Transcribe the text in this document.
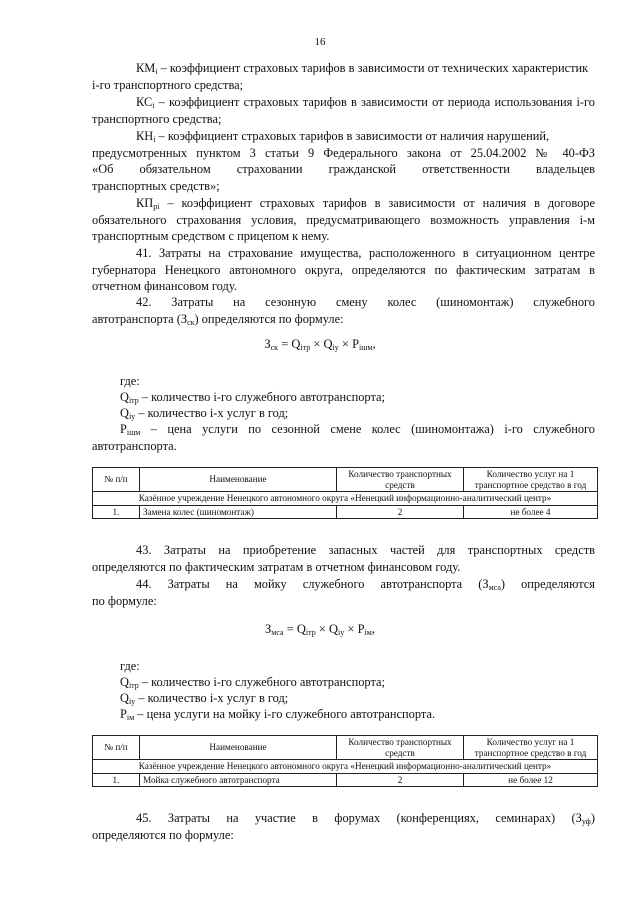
16
$КМ_i$ – коэффициент страховых тарифов в зависимости от технических характеристик i-го транспортного средства;
$КС_i$ – коэффициент страховых тарифов в зависимости от периода использования i-го транспортного средства;
$КН_i$ – коэффициент страховых тарифов в зависимости от наличия нарушений,
предусмотренных пунктом 3 статьи 9 Федерального закона от 25.04.2002 № 40-ФЗ
«Об обязательном страховании гражданской ответственности владельцев
транспортных средств»;
$КП_{рi}$ – коэффициент страховых тарифов в зависимости от наличия в договоре обязательного страхования условия, предусматривающего возможность управления i-м транспортным средством с прицепом к нему.
41. Затраты на страхование имущества, расположенного в ситуационном центре губернатора Ненецкого автономного округа, определяются по фактическим затратам в отчетном финансовом году.
42. Затраты на сезонную смену колес (шиномонтаж) служебного
автотранспорта $(З_{ск})$ определяются по формуле:
$З_{ск} = Q_{iтр} \times Q_{iу} \times P_{iшм}$,
где:
$Q_{iтр}$ – количество i-го служебного автотранспорта;
$Q_{iу}$ – количество i-х услуг в год;
$P_{iшм}$ – цена услуги по сезонной смене колес (шиномонтажа) i-го служебного автотранспорта.
№ п/п	Наименование	Количество транспортных средств	Количество услуг на 1 транспортное средство в год
Казённое учреждение Ненецкого автономного округа «Ненецкий информационно-аналитический центр»			
1.	Замена колес (шиномонтаж)	2	не более 4
43. Затраты на приобретение запасных частей для транспортных средств определяются по фактическим затратам в отчетном финансовом году.
44. Затраты на мойку служебного автотранспорта $(З_{мса})$ определяются
по формуле:
$З_{мса} = Q_{iтр} \times Q_{iу} \times P_{iм}$,
где:
$Q_{iтр}$ – количество i-го служебного автотранспорта;
$Q_{iу}$ – количество i-х услуг в год;
$P_{iм}$ – цена услуги на мойку i-го служебного автотранспорта.
№ п/п	Наименование	Количество транспортных средств	Количество услуг на 1 транспортное средство в год
Казённое учреждение Ненецкого автономного округа «Ненецкий информационно-аналитический центр»			
1.	Мойка служебного автотранспорта	2	не более 12
45. Затраты на участие в форумах (конференциях, семинарах) $(З_{уф})$
определяются по формуле:
